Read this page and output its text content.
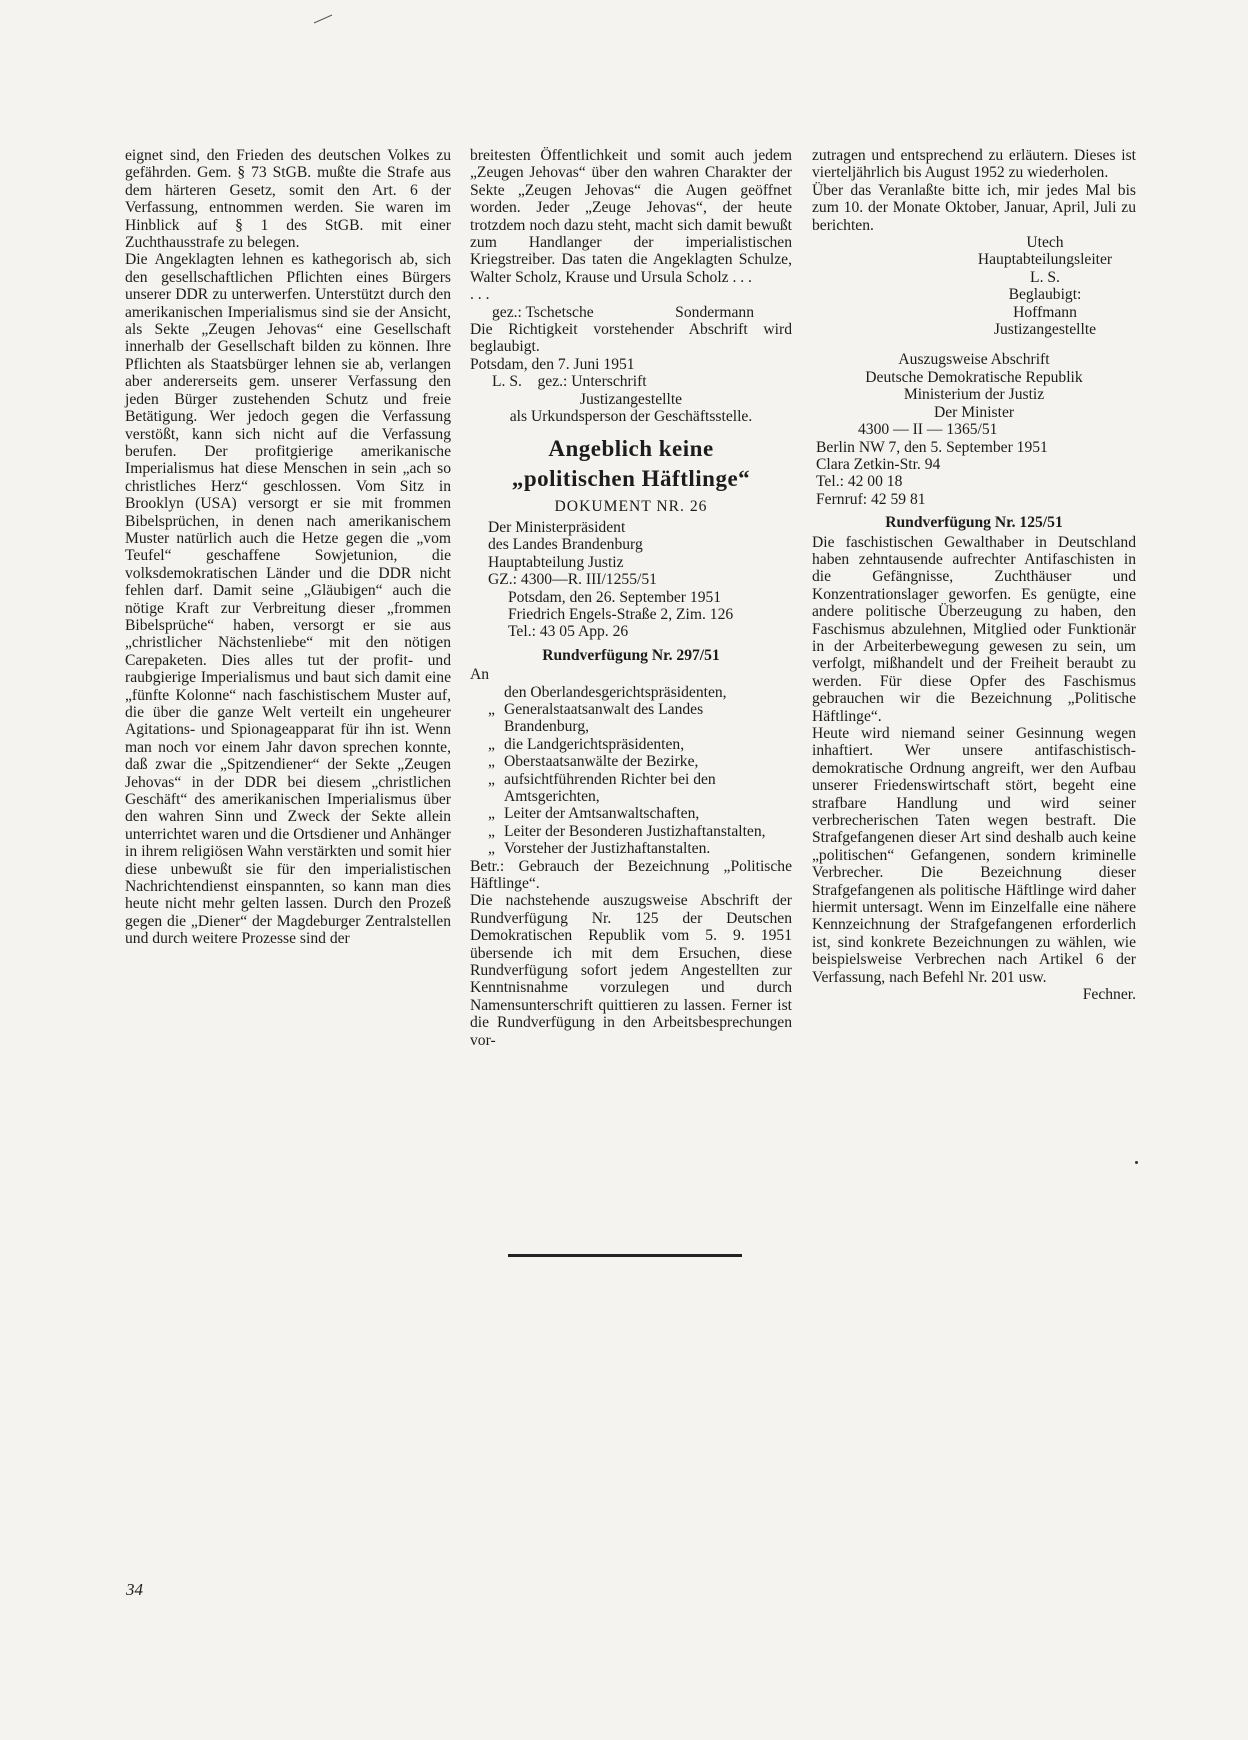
eignet sind, den Frieden des deutschen Volkes zu gefährden. Gem. § 73 StGB. mußte die Strafe aus dem härteren Gesetz, somit den Art. 6 der Verfassung, entnommen werden. Sie waren im Hinblick auf § 1 des StGB. mit einer Zuchthausstrafe zu belegen.

Die Angeklagten lehnen es kathegorisch ab, sich den gesellschaftlichen Pflichten eines Bürgers unserer DDR zu unterwerfen. Unterstützt durch den amerikanischen Imperialismus sind sie der Ansicht, als Sekte „Zeugen Jehovas“ eine Gesellschaft innerhalb der Gesellschaft bilden zu können. Ihre Pflichten als Staatsbürger lehnen sie ab, verlangen aber andererseits gem. unserer Verfassung den jeden Bürger zustehenden Schutz und freie Betätigung. Wer jedoch gegen die Verfassung verstößt, kann sich nicht auf die Verfassung berufen. Der profitgierige amerikanische Imperialismus hat diese Menschen in sein „ach so christliches Herz“ geschlossen. Vom Sitz in Brooklyn (USA) versorgt er sie mit frommen Bibelsprüchen, in denen nach amerikanischem Muster natürlich auch die Hetze gegen die „vom Teufel“ geschaffene Sowjetunion, die volksdemokratischen Länder und die DDR nicht fehlen darf. Damit seine „Gläubigen“ auch die nötige Kraft zur Verbreitung dieser „frommen Bibelsprüche“ haben, versorgt er sie aus „christlicher Nächstenliebe“ mit den nötigen Carepaketen. Dies alles tut der profit- und raubgierige Imperialismus und baut sich damit eine „fünfte Kolonne“ nach faschistischem Muster auf, die über die ganze Welt verteilt ein ungeheurer Agitations- und Spionageapparat für ihn ist. Wenn man noch vor einem Jahr davon sprechen konnte, daß zwar die „Spitzendiener“ der Sekte „Zeugen Jehovas“ in der DDR bei diesem „christlichen Geschäft“ des amerikanischen Imperialismus über den wahren Sinn und Zweck der Sekte allein unterrichtet waren und die Ortsdiener und Anhänger in ihrem religiösen Wahn verstärkten und somit hier diese unbewußt sie für den imperialistischen Nachrichtendienst einspannten, so kann man dies heute nicht mehr gelten lassen. Durch den Prozeß gegen die „Diener“ der Magdeburger Zentralstellen und durch weitere Prozesse sind der

breitesten Öffentlichkeit und somit auch jedem „Zeugen Jehovas“ über den wahren Charakter der Sekte „Zeugen Jehovas“ die Augen geöffnet worden. Jeder „Zeuge Jehovas“, der heute trotzdem noch dazu steht, macht sich damit bewußt zum Handlanger der imperialistischen Kriegstreiber. Das taten die Angeklagten Schulze, Walter Scholz, Krause und Ursula Scholz . . .

. . .

gez.: Tschetsche	Sondermann

Die Richtigkeit vorstehender Abschrift wird beglaubigt.

Potsdam, den 7. Juni 1951

L. S.    gez.: Unterschrift

Justizangestellte

als Urkundsperson der Geschäftsstelle.

Angeblich keine
„politischen Häftlinge“
DOKUMENT NR. 26

Der Ministerpräsident

des Landes Brandenburg

Hauptabteilung Justiz

GZ.: 4300—R. III/1255/51

Potsdam, den 26. September 1951

Friedrich Engels-Straße 2, Zim. 126

Tel.: 43 05 App. 26

Rundverfügung Nr. 297/51

An

den Oberlandesgerichtspräsidenten,
„ Generalstaatsanwalt des Landes Brandenburg,
„ die Landgerichtspräsidenten,
„ Oberstaatsanwälte der Bezirke,
„ aufsichtführenden Richter bei den Amtsgerichten,
„ Leiter der Amtsanwaltschaften,
„ Leiter der Besonderen Justizhaftanstalten,
„ Vorsteher der Justizhaftanstalten.

Betr.: Gebrauch der Bezeichnung „Politische Häftlinge“.

Die nachstehende auszugsweise Abschrift der Rundverfügung Nr. 125 der Deutschen Demokratischen Republik vom 5. 9. 1951 übersende ich mit dem Ersuchen, diese Rundverfügung sofort jedem Angestellten zur Kenntnisnahme vorzulegen und durch Namensunterschrift quittieren zu lassen. Ferner ist die Rundverfügung in den Arbeitsbesprechungen vor-

zutragen und entsprechend zu erläutern. Dieses ist vierteljährlich bis August 1952 zu wiederholen.

Über das Veranlaßte bitte ich, mir jedes Mal bis zum 10. der Monate Oktober, Januar, April, Juli zu berichten.

Utech

Hauptabteilungsleiter

L. S.

Beglaubigt:

Hoffmann

Justizangestellte

Auszugsweise Abschrift

Deutsche Demokratische Republik

Ministerium der Justiz

Der Minister

4300 — II — 1365/51

Berlin NW 7, den 5. September 1951

Clara Zetkin-Str. 94

Tel.: 42 00 18

Fernruf: 42 59 81

Rundverfügung Nr. 125/51

Die faschistischen Gewalthaber in Deutschland haben zehntausende aufrechter Antifaschisten in die Gefängnisse, Zuchthäuser und Konzentrationslager geworfen. Es genügte, eine andere politische Überzeugung zu haben, den Faschismus abzulehnen, Mitglied oder Funktionär in der Arbeiterbewegung gewesen zu sein, um verfolgt, mißhandelt und der Freiheit beraubt zu werden. Für diese Opfer des Faschismus gebrauchen wir die Bezeichnung „Politische Häftlinge“.

Heute wird niemand seiner Gesinnung wegen inhaftiert. Wer unsere antifaschistisch-demokratische Ordnung angreift, wer den Aufbau unserer Friedenswirtschaft stört, begeht eine strafbare Handlung und wird seiner verbrecherischen Taten wegen bestraft. Die Strafgefangenen dieser Art sind deshalb auch keine „politischen“ Gefangenen, sondern kriminelle Verbrecher. Die Bezeichnung dieser Strafgefangenen als politische Häftlinge wird daher hiermit untersagt. Wenn im Einzelfalle eine nähere Kennzeichnung der Strafgefangenen erforderlich ist, sind konkrete Bezeichnungen zu wählen, wie beispielsweise Verbrechen nach Artikel 6 der Verfassung, nach Befehl Nr. 201 usw.

Fechner.

34
